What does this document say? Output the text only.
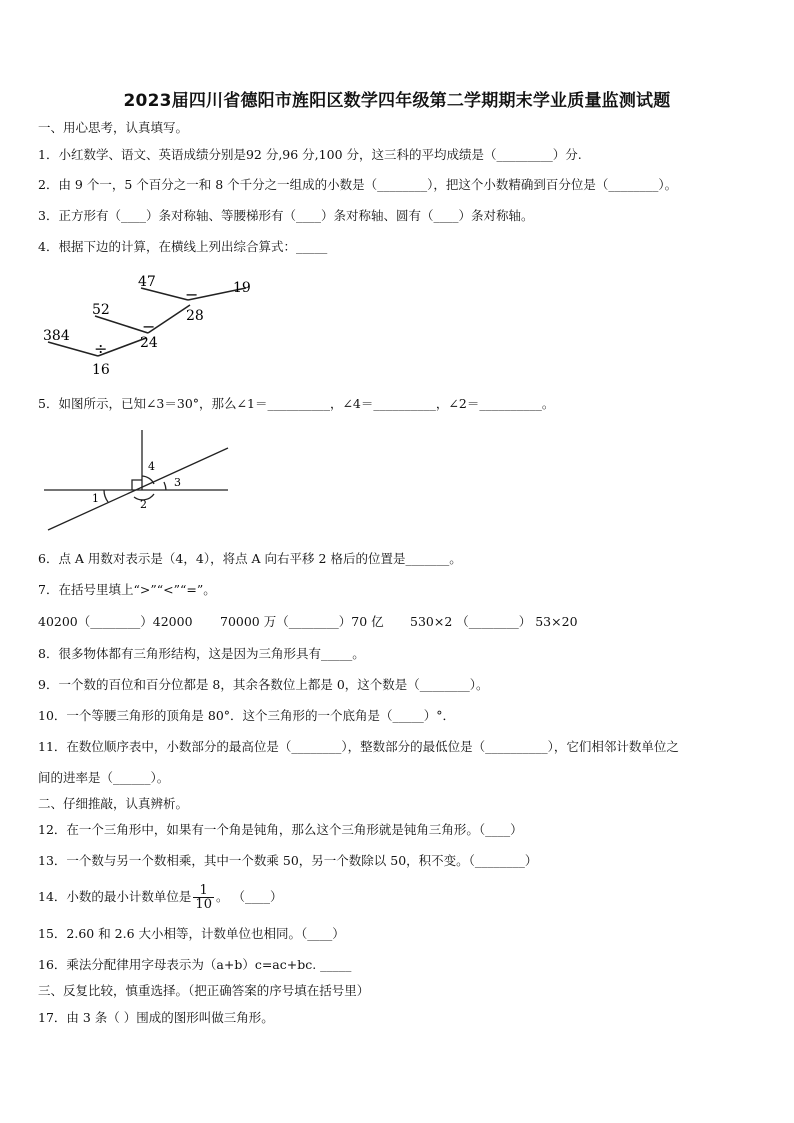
2023届四川省德阳市旌阳区数学四年级第二学期期末学业质量监测试题
一、用心思考，认真填写。
1．小红数学、语文、英语成绩分别是92 分,96 分,100 分，这三科的平均成绩是（_________）分.
2．由 9 个一，5 个百分之一和 8 个千分之一组成的小数是（________），把这个小数精确到百分位是（________）。
3．正方形有（____）条对称轴、等腰梯形有（____）条对称轴、圆有（____）条对称轴。
4．根据下边的计算，在横线上列出综合算式：_____
47
− 19
52
−
28
384
÷ 24
16
5．如图所示，已知∠3＝30°，那么∠1＝__________，∠4＝__________，∠2＝__________。
1	2
3
4
6．点 A 用数对表示是（4，4），将点 A 向右平移 2 格后的位置是_______。
7．在括号里填上“>”“<”“=”。
40200（________）42000 70000 万（________）70 亿 530×2 （________） 53×20
8．很多物体都有三角形结构，这是因为三角形具有_____。
9．一个数的百位和百分位都是 8，其余各数位上都是 0，这个数是（________）。
10．一个等腰三角形的顶角是 80°．这个三角形的一个底角是（_____）°．
11．在数位顺序表中，小数部分的最高位是（________），整数部分的最低位是（__________），它们相邻计数单位之
间的进率是（______）。
二、仔细推敲，认真辨析。
12．在一个三角形中，如果有一个角是钝角，那么这个三角形就是钝角三角形。（____）
13．一个数与另一个数相乘，其中一个数乘 50，另一个数除以 50，积不变。（________）
14．小数的最小计数单位是 $\frac{1}{10}$ 。 （____）
15．2.60 和 2.6 大小相等，计数单位也相同。（____）
16．乘法分配律用字母表示为（a+b）c=ac+bc. _____
三、反复比较，慎重选择。（把正确答案的序号填在括号里）
17．由 3 条（ ）围成的图形叫做三角形。
